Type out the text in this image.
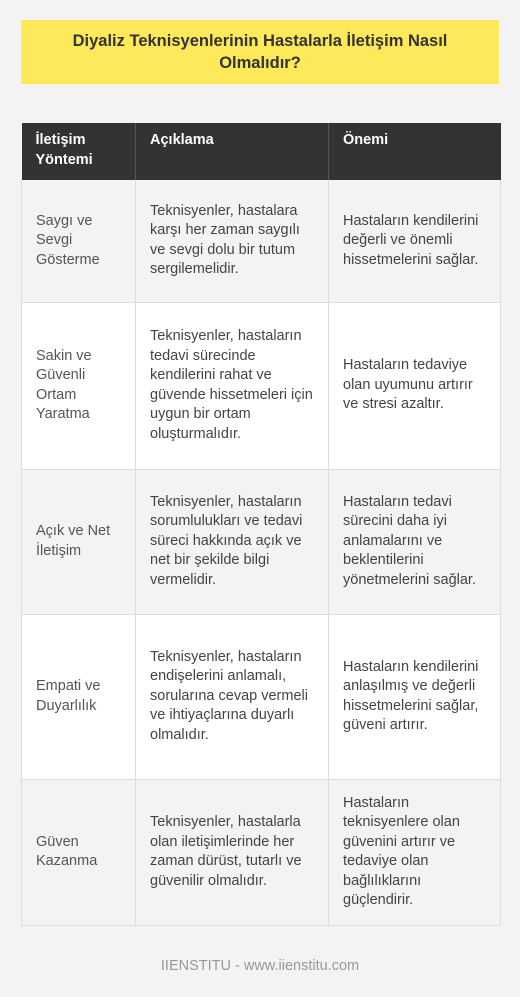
Diyaliz Teknisyenlerinin Hastalarla İletişim Nasıl Olmalıdır?
İletişim Yöntemi	Açıklama	Önemi
Saygı ve Sevgi Gösterme	Teknisyenler, hastalara karşı her zaman saygılı ve sevgi dolu bir tutum sergilemelidir.	Hastaların kendilerini değerli ve önemli hissetmelerini sağlar.
Sakin ve Güvenli Ortam Yaratma	Teknisyenler, hastaların tedavi sürecinde kendilerini rahat ve güvende hissetmeleri için uygun bir ortam oluşturmalıdır.	Hastaların tedaviye olan uyumunu artırır ve stresi azaltır.
Açık ve Net İletişim	Teknisyenler, hastaların sorumlulukları ve tedavi süreci hakkında açık ve net bir şekilde bilgi vermelidir.	Hastaların tedavi sürecini daha iyi anlamalarını ve beklentilerini yönetmelerini sağlar.
Empati ve Duyarlılık	Teknisyenler, hastaların endişelerini anlamalı, sorularına cevap vermeli ve ihtiyaçlarına duyarlı olmalıdır.	Hastaların kendilerini anlaşılmış ve değerli hissetmelerini sağlar, güveni artırır.
Güven Kazanma	Teknisyenler, hastalarla olan iletişimlerinde her zaman dürüst, tutarlı ve güvenilir olmalıdır.	Hastaların teknisyenlere olan güvenini artırır ve tedaviye olan bağlılıklarını güçlendirir.
IIENSTITU - www.iienstitu.com
